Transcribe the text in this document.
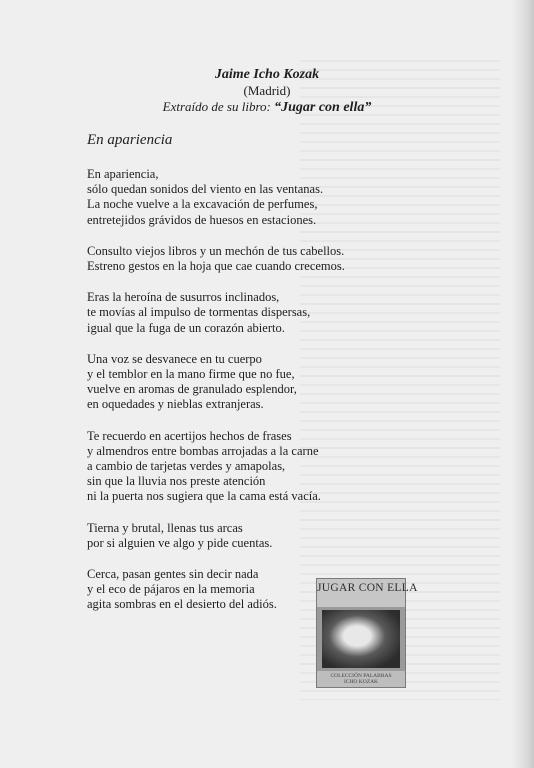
Jaime Icho Kozak
(Madrid)
Extraído de su libro: “Jugar con ella”
En apariencia
En apariencia,
sólo quedan sonidos del viento en las ventanas.
La noche vuelve a la excavación de perfumes,
entretejidos grávidos de huesos en estaciones.
Consulto viejos libros y un mechón de tus cabellos.
Estreno gestos en la hoja que cae cuando crecemos.
Eras la heroína de susurros inclinados,
te movías al impulso de tormentas dispersas,
igual que la fuga de un corazón abierto.
Una voz se desvanece en tu cuerpo
y el temblor en la mano firme que no fue,
vuelve en aromas de granulado esplendor,
en oquedades y nieblas extranjeras.
Te recuerdo en acertijos hechos de frases
y almendros entre bombas arrojadas a la carne
a cambio de tarjetas verdes y amapolas,
sin que la lluvia nos preste atención
ni la puerta nos sugiera que la cama está vacía.
Tierna y brutal, llenas tus arcas
por si alguien ve algo y pide cuentas.
Cerca, pasan gentes sin decir nada
y el eco de pájaros en la memoria
agita sombras en el desierto del adiós.
JUGAR CON ELLA
COLECCIÓN PALABRAS
ICHO KOZAK
